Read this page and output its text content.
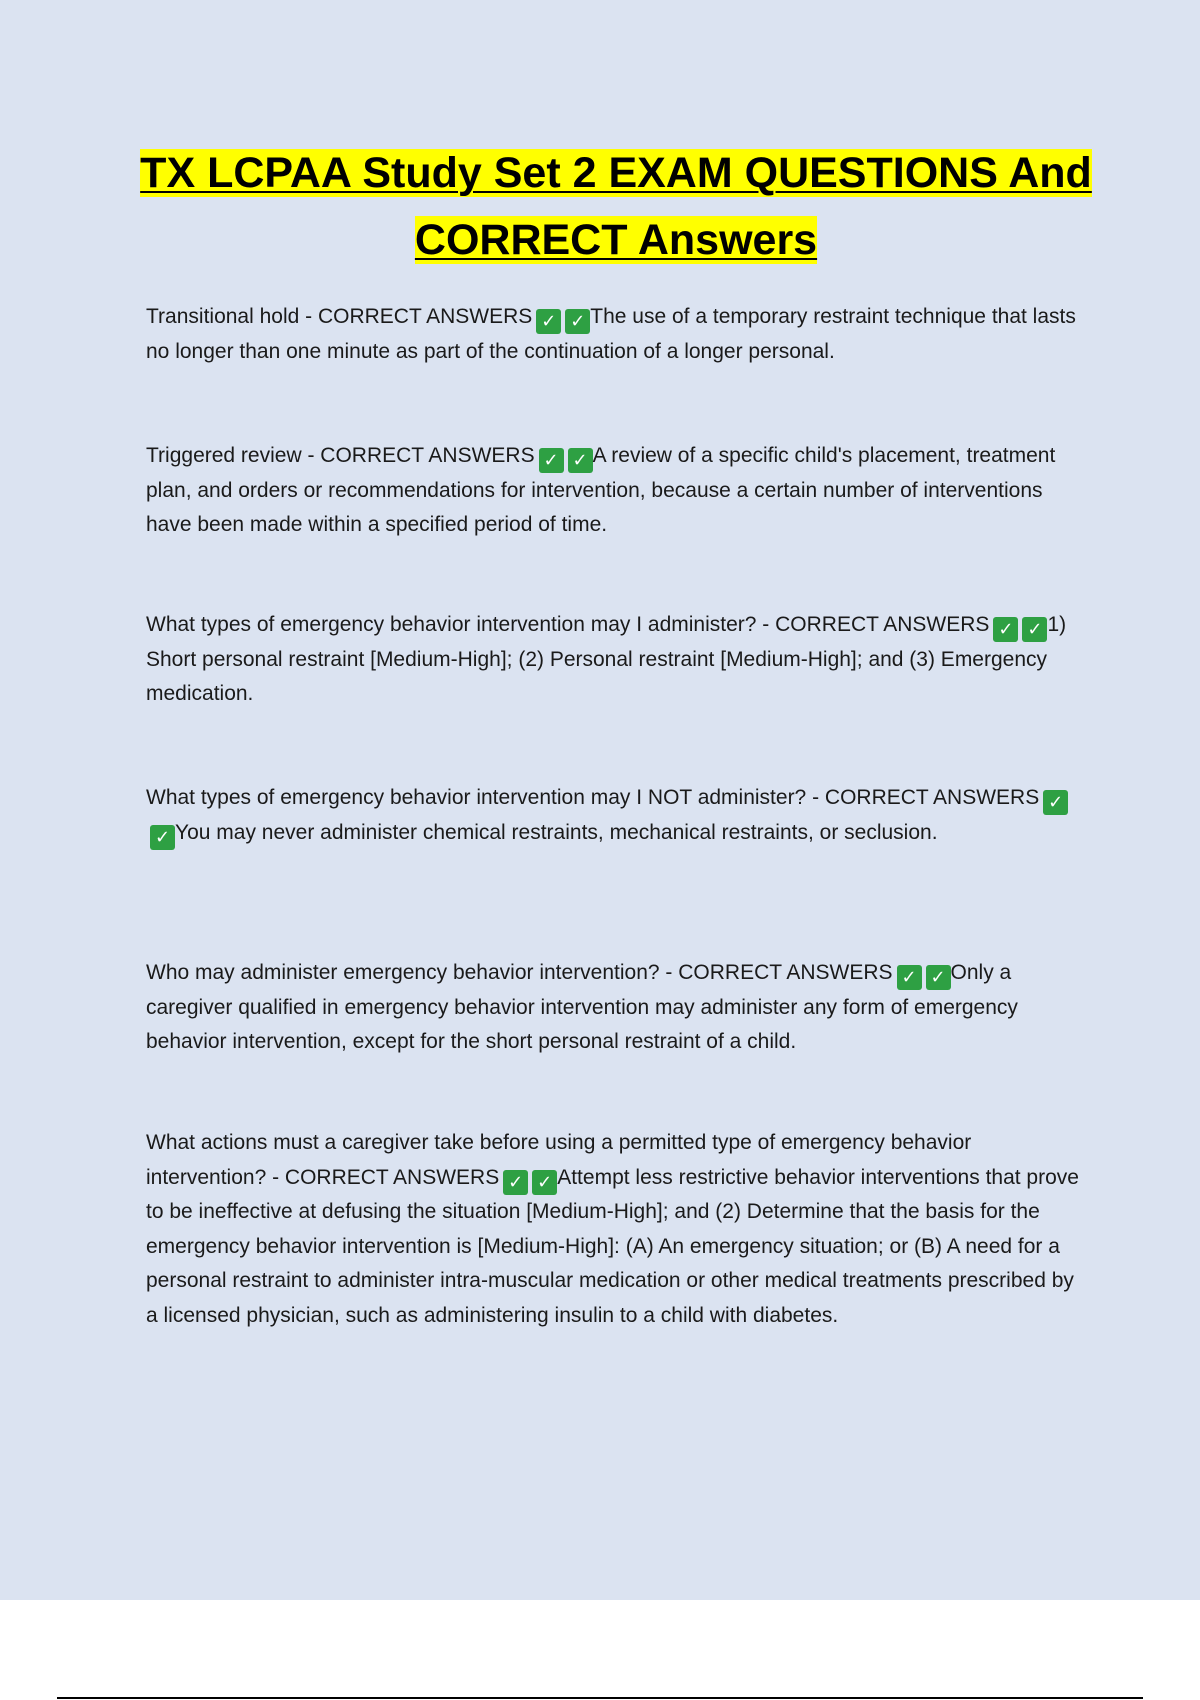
TX LCPAA Study Set 2 EXAM QUESTIONS And
CORRECT Answers

Transitional hold - CORRECT ANSWERS ✓ ✓ The use of a temporary restraint technique that lasts no longer than one minute as part of the continuation of a longer personal.

Triggered review - CORRECT ANSWERS ✓ ✓ A review of a specific child's placement, treatment plan, and orders or recommendations for intervention, because a certain number of interventions have been made within a specified period of time.

What types of emergency behavior intervention may I administer? - CORRECT ANSWERS ✓ ✓ 1) Short personal restraint [Medium-High]; (2) Personal restraint [Medium-High]; and (3) Emergency medication.

What types of emergency behavior intervention may I NOT administer? - CORRECT ANSWERS ✓✓ You may never administer chemical restraints, mechanical restraints, or seclusion.

Who may administer emergency behavior intervention? - CORRECT ANSWERS ✓ ✓ Only a caregiver qualified in emergency behavior intervention may administer any form of emergency behavior intervention, except for the short personal restraint of a child.

What actions must a caregiver take before using a permitted type of emergency behavior intervention? - CORRECT ANSWERS ✓ ✓ Attempt less restrictive behavior interventions that prove to be ineffective at defusing the situation [Medium-High]; and (2) Determine that the basis for the emergency behavior intervention is [Medium-High]: (A) An emergency situation; or (B) A need for a personal restraint to administer intra-muscular medication or other medical treatments prescribed by a licensed physician, such as administering insulin to a child with diabetes.
